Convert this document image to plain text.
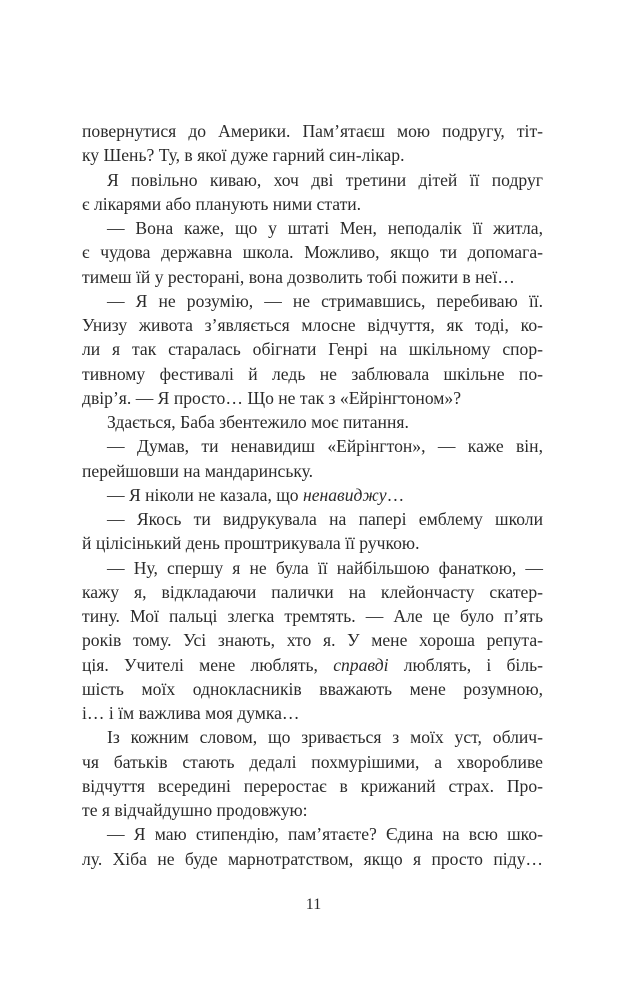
повернутися до Америки. Пам’ятаєш мою подругу, тіт-
ку Шень? Ту, в якої дуже гарний син-лікар.
Я повільно киваю, хоч дві третини дітей її подруг
є лікарями або планують ними стати.
— Вона каже, що у штаті Мен, неподалік її житла,
є чудова державна школа. Можливо, якщо ти допомага-
тимеш їй у ресторані, вона дозволить тобі пожити в неї…
— Я не розумію, — не стримавшись, перебиваю її.
Унизу живота з’являється млосне відчуття, як тоді, ко-
ли я так старалась обігнати Генрі на шкільному спор-
тивному фестивалі й ледь не заблювала шкільне по-
двір’я. — Я просто… Що не так з «Ейрінгтоном»?
Здається, Баба збентежило моє питання.
— Думав, ти ненавидиш «Ейрінгтон», — каже він,
перейшовши на мандаринську.
— Я ніколи не казала, що ненавиджу…
— Якось ти видрукувала на папері емблему школи
й цілісінький день проштрикувала її ручкою.
— Ну, спершу я не була її найбільшою фанаткою, —
кажу я, відкладаючи палички на клейончасту скатер-
тину. Мої пальці злегка тремтять. — Але це було п’ять
років тому. Усі знають, хто я. У мене хороша репута-
ція. Учителі мене люблять, справді люблять, і біль-
шість моїх однокласників вважають мене розумною,
і… і їм важлива моя думка…
Із кожним словом, що зривається з моїх уст, облич-
чя батьків стають дедалі похмурішими, а хворобливе
відчуття всередині переростає в крижаний страх. Про-
те я відчайдушно продовжую:
— Я маю стипендію, пам’ятаєте? Єдина на всю шко-
лу. Хіба не буде марнотратством, якщо я просто піду…
11
